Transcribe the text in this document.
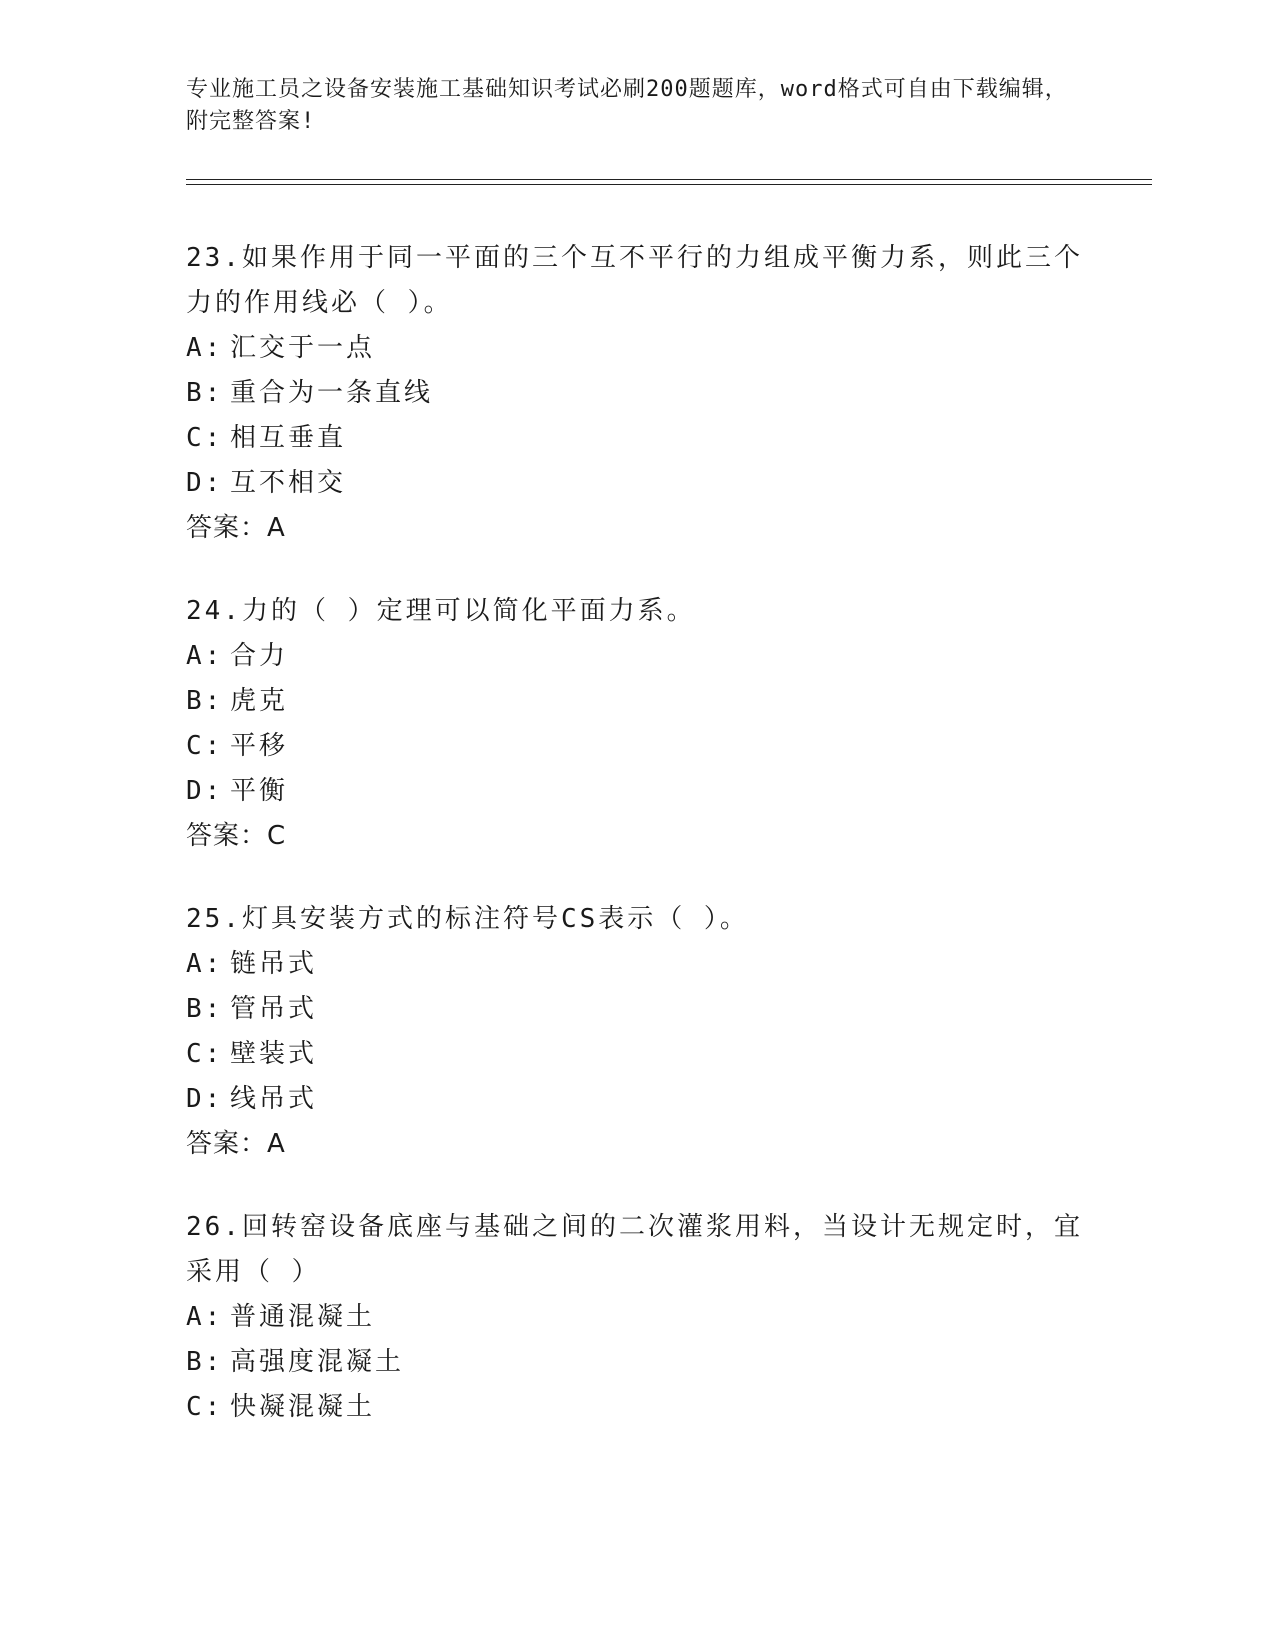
专业施工员之设备安装施工基础知识考试必刷200题题库，word格式可自由下载编辑，附完整答案!
23.如果作用于同一平面的三个互不平行的力组成平衡力系，则此三个力的作用线必（ ）。
A: 汇交于一点
B: 重合为一条直线
C: 相互垂直
D: 互不相交
答案：A
24.力的（ ）定理可以简化平面力系。
A: 合力
B: 虎克
C: 平移
D: 平衡
答案：C
25.灯具安装方式的标注符号CS表示（ ）。
A: 链吊式
B: 管吊式
C: 壁装式
D: 线吊式
答案：A
26.回转窑设备底座与基础之间的二次灌浆用料，当设计无规定时，宜采用（ ）
A: 普通混凝土
B: 高强度混凝土
C: 快凝混凝土
